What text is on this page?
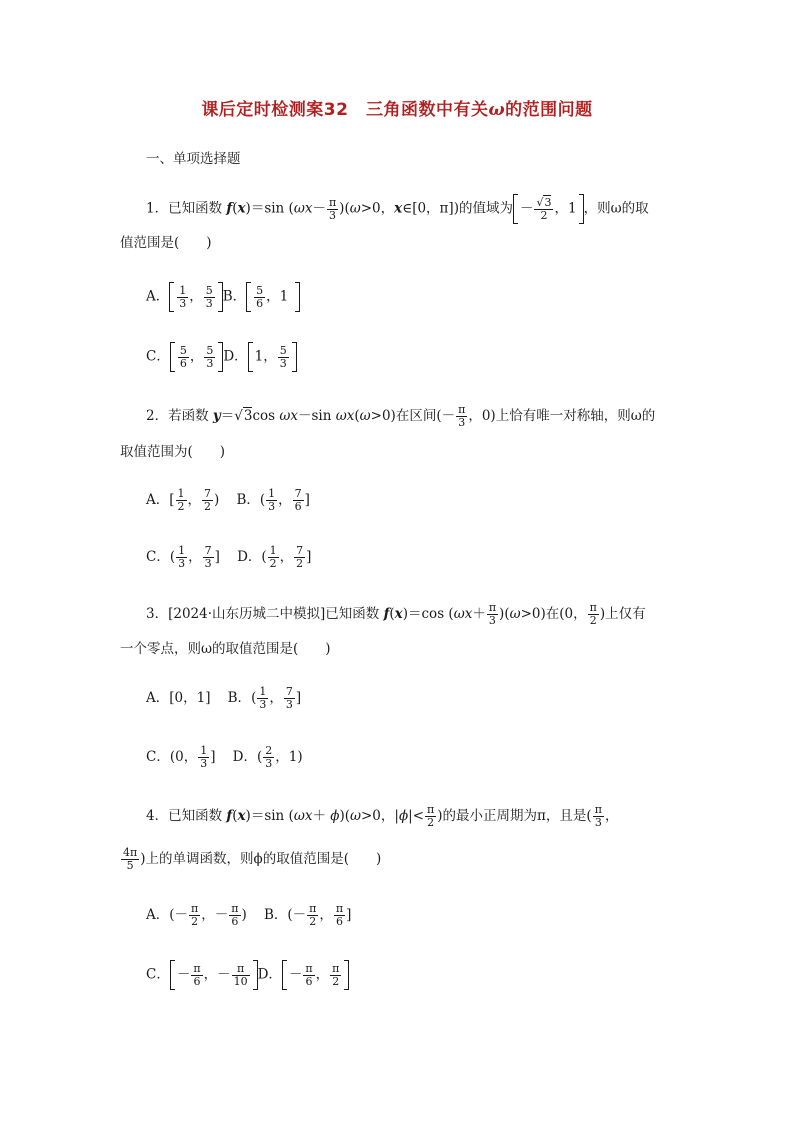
课后定时检测案32　三角函数中有关ω的范围问题
一、单项选择题
1．已知函数 f(x)＝sin $(\omega x- \frac{\pi}{3} )(\omega>0$，x∈[0，π])的值域为 － $\frac{√3}{2}$ ，1 ，则ω的取
值范围是(　　)
A． $\frac{1}{3}$ ， $\frac{5}{3}$ B． $\frac{5}{6}$ ，1
C． $\frac{5}{6}$ ， $\frac{5}{3}$ D． 1， $\frac{5}{3}$
2．若函数 y＝√3cos ωx－sin ωx(ω>0)在区间(－ $\frac{\pi}{3}$ ，0)上恰有唯一对称轴，则ω的
取值范围为(　　)
A．[ $\frac{1}{2}$ ， $\frac{7}{2}$ )    B．( $\frac{1}{3}$ ， $\frac{7}{6}$ ]
C．( $\frac{1}{3}$ ， $\frac{7}{3}$ ]    D．( $\frac{1}{2}$ ， $\frac{7}{2}$ ]
3．[2024·山东历城二中模拟]已知函数 f(x)＝cos $(\omega x+ \frac{\pi}{3} )(\omega>0)$在(0， $\frac{\pi}{2}$ )上仅有
一个零点，则ω的取值范围是(　　)
A．[0，1]    B．( $\frac{1}{3}$ ， $\frac{7}{3}$ ]
C．(0， $\frac{1}{3}$ ]    D．( $\frac{2}{3}$ ，1)
4．已知函数 f(x)＝sin (ωx＋ ϕ)(ω>0，$|\phi|< \frac{\pi}{2}$ )的最小正周期为π，且是( $\frac{\pi}{3}$ ，
$\frac{4\pi}{5}$ )上的单调函数，则ϕ的取值范围是(　　)
A．(－ $\frac{\pi}{2}$ ，－ $\frac{\pi}{6}$ )    B．(－ $\frac{\pi}{2}$ ， $\frac{\pi}{6}$ ]
C． － $\frac{\pi}{6}$ ，－ $\frac{\pi}{10}$ D． － $\frac{\pi}{6}$ ， $\frac{\pi}{2}$
